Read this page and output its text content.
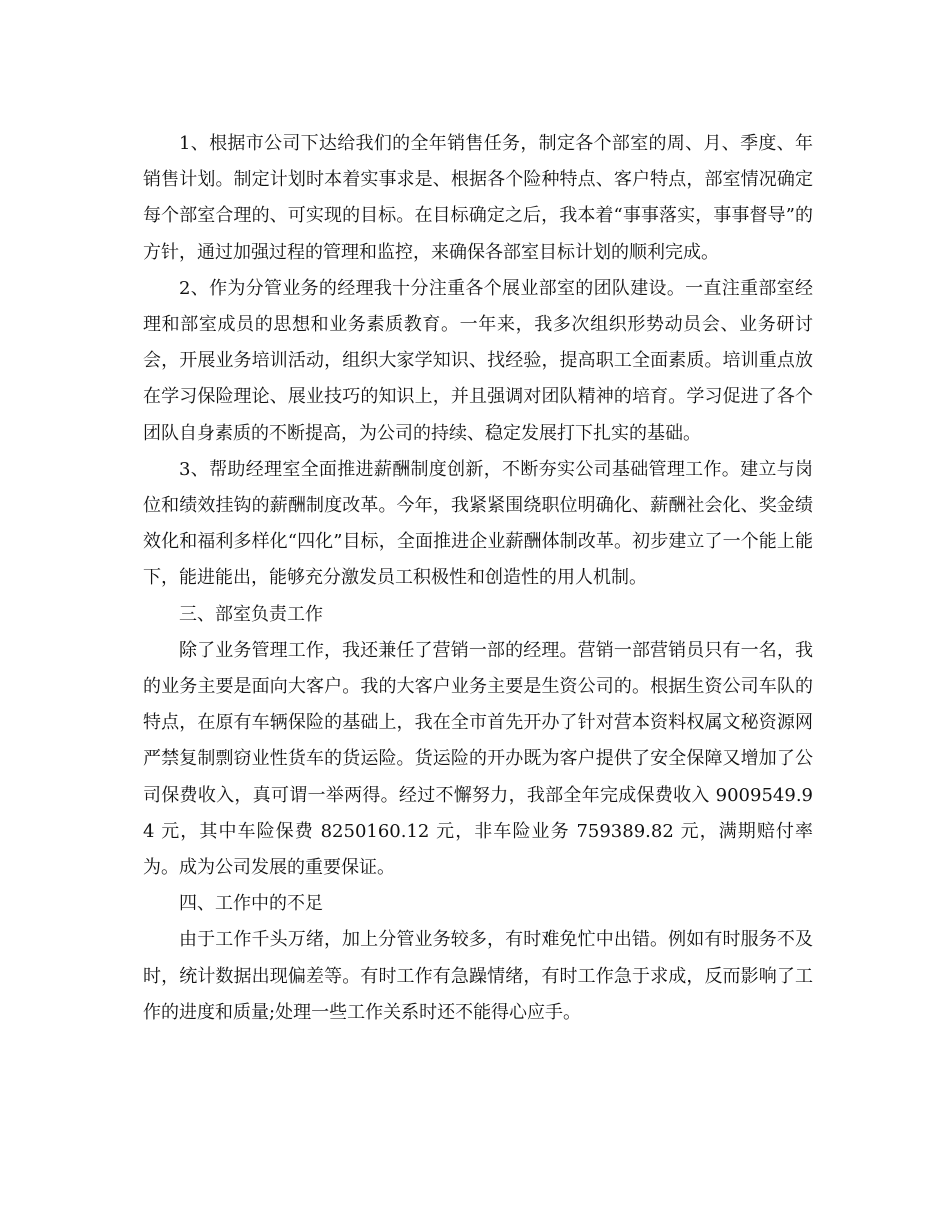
1、根据市公司下达给我们的全年销售任务，制定各个部室的周、月、季度、年销售计划。制定计划时本着实事求是、根据各个险种特点、客户特点，部室情况确定每个部室合理的、可实现的目标。在目标确定之后，我本着“事事落实，事事督导”的方针，通过加强过程的管理和监控，来确保各部室目标计划的顺利完成。

2、作为分管业务的经理我十分注重各个展业部室的团队建设。一直注重部室经理和部室成员的思想和业务素质教育。一年来，我多次组织形势动员会、业务研讨会，开展业务培训活动，组织大家学知识、找经验，提高职工全面素质。培训重点放在学习保险理论、展业技巧的知识上，并且强调对团队精神的培育。学习促进了各个团队自身素质的不断提高，为公司的持续、稳定发展打下扎实的基础。

3、帮助经理室全面推进薪酬制度创新，不断夯实公司基础管理工作。建立与岗位和绩效挂钩的薪酬制度改革。今年，我紧紧围绕职位明确化、薪酬社会化、奖金绩效化和福利多样化“四化”目标，全面推进企业薪酬体制改革。初步建立了一个能上能下，能进能出，能够充分激发员工积极性和创造性的用人机制。

三、部室负责工作

除了业务管理工作，我还兼任了营销一部的经理。营销一部营销员只有一名，我的业务主要是面向大客户。我的大客户业务主要是生资公司的。根据生资公司车队的特点，在原有车辆保险的基础上，我在全市首先开办了针对营本资料权属文秘资源网严禁复制剽窃业性货车的货运险。货运险的开办既为客户提供了安全保障又增加了公司保费收入，真可谓一举两得。经过不懈努力，我部全年完成保费收入 9009549.94 元，其中车险保费 8250160.12 元，非车险业务 759389.82 元，满期赔付率为。成为公司发展的重要保证。

四、工作中的不足

由于工作千头万绪，加上分管业务较多，有时难免忙中出错。例如有时服务不及时，统计数据出现偏差等。有时工作有急躁情绪，有时工作急于求成，反而影响了工作的进度和质量;处理一些工作关系时还不能得心应手。
